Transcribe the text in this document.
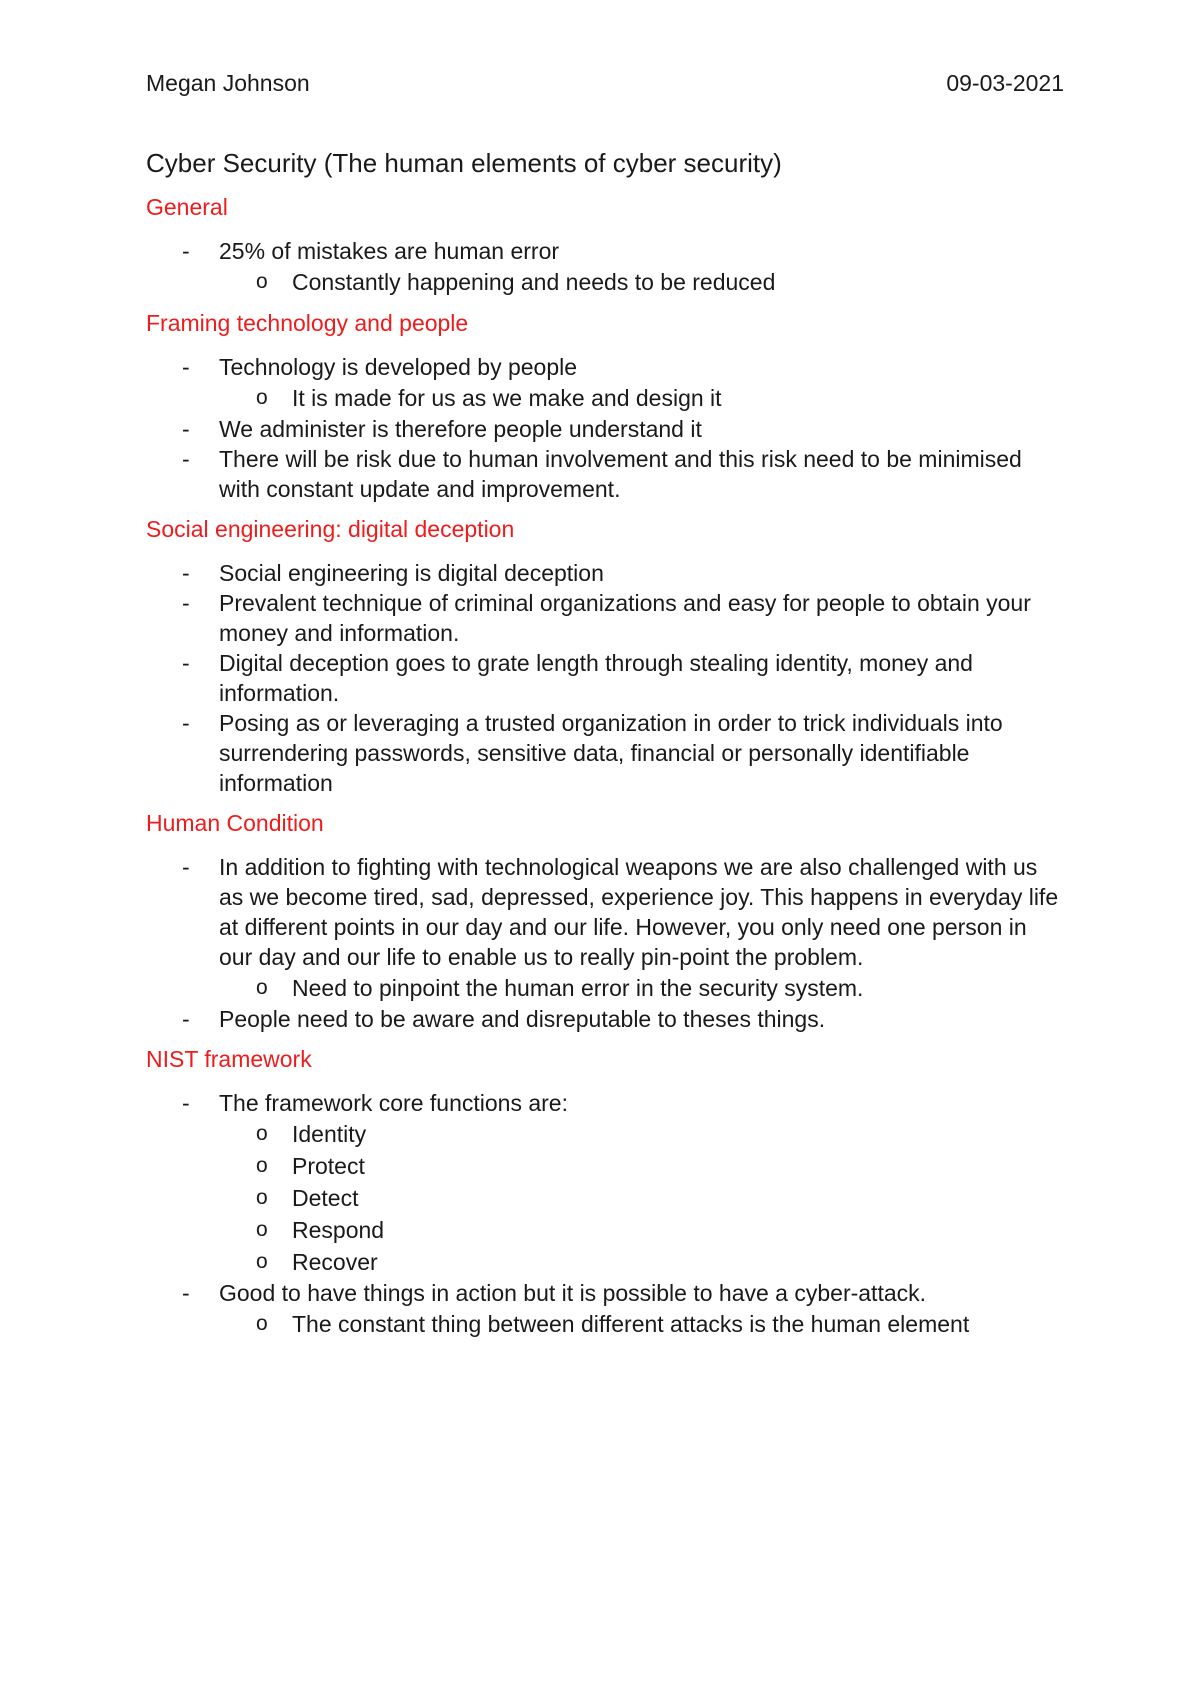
Megan Johnson	09-03-2021
Cyber Security (The human elements of cyber security)
General
- 25% of mistakes are human error
o Constantly happening and needs to be reduced
Framing technology and people
- Technology is developed by people
o It is made for us as we make and design it
- We administer is therefore people understand it
- There will be risk due to human involvement and this risk need to be minimised with constant update and improvement.
Social engineering: digital deception
- Social engineering is digital deception
- Prevalent technique of criminal organizations and easy for people to obtain your money and information.
- Digital deception goes to grate length through stealing identity, money and information.
- Posing as or leveraging a trusted organization in order to trick individuals into surrendering passwords, sensitive data, financial or personally identifiable information
Human Condition
- In addition to fighting with technological weapons we are also challenged with us as we become tired, sad, depressed, experience joy. This happens in everyday life at different points in our day and our life. However, you only need one person in our day and our life to enable us to really pin-point the problem.
o Need to pinpoint the human error in the security system.
- People need to be aware and disreputable to theses things.
NIST framework
- The framework core functions are:
o Identity
o Protect
o Detect
o Respond
o Recover
- Good to have things in action but it is possible to have a cyber-attack.
o The constant thing between different attacks is the human element
